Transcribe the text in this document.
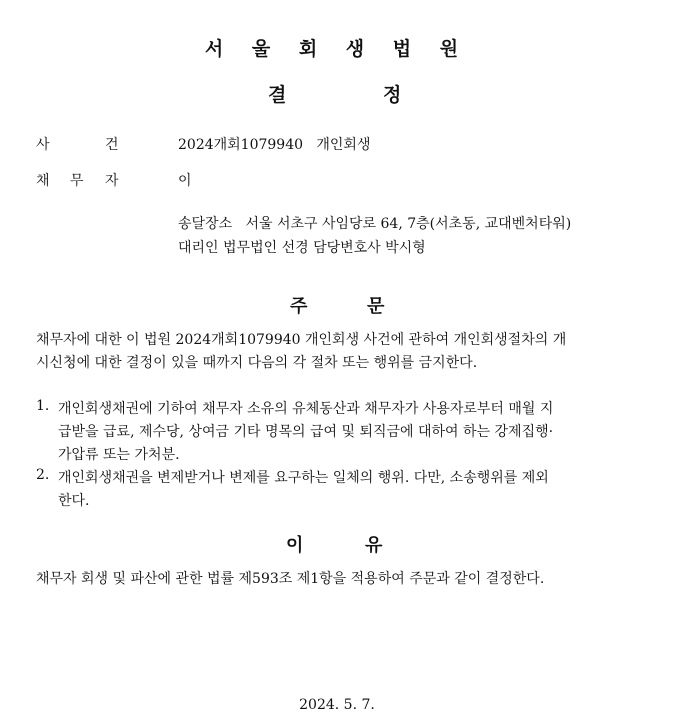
서 울 회 생 법 원
결	정
사	건	2024개회1079940   개인회생
채 무 자	이
송달장소   서울 서초구 사임당로 64, 7층(서초동, 교대벤처타워)
대리인 법무법인 선경 담당변호사 박시형
주	문
채무자에 대한 이 법원 2024개회1079940 개인회생 사건에 관하여 개인회생절차의 개
시신청에 대한 결정이 있을 때까지 다음의 각 절차 또는 행위를 금지한다.
1. 개인회생채권에 기하여 채무자 소유의 유체동산과 채무자가 사용자로부터 매월 지
급받을 급료, 제수당, 상여금 기타 명목의 급여 및 퇴직금에 대하여 하는 강제집행·
가압류 또는 가처분.
2. 개인회생채권을 변제받거나 변제를 요구하는 일체의 행위. 다만, 소송행위를 제외
한다.
이	유
채무자 회생 및 파산에 관한 법률 제593조 제1항을 적용하여 주문과 같이 결정한다.
2024. 5. 7.
